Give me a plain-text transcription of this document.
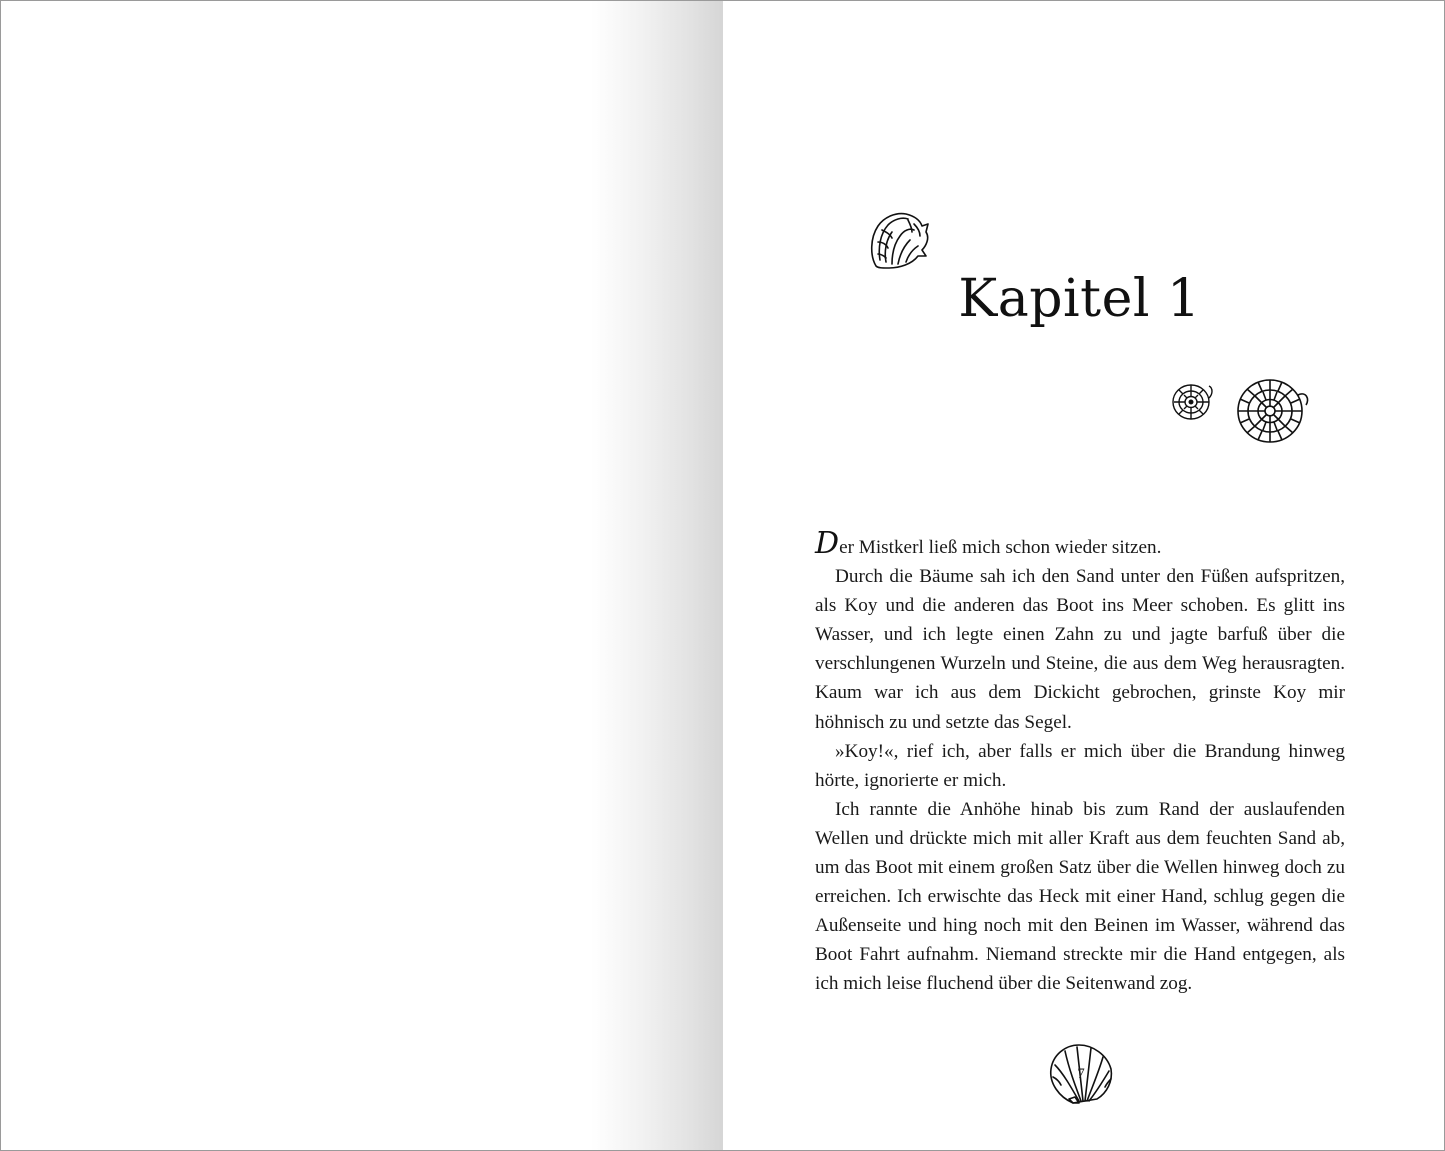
Kapitel 1

Der Mistkerl ließ mich schon wieder sitzen.

Durch die Bäume sah ich den Sand unter den Füßen aufspritzen, als Koy und die anderen das Boot ins Meer schoben. Es glitt ins Wasser, und ich legte einen Zahn zu und jagte barfuß über die verschlungenen Wurzeln und Steine, die aus dem Weg herausragten. Kaum war ich aus dem Dickicht gebrochen, grinste Koy mir höhnisch zu und setzte das Segel.

»Koy!«, rief ich, aber falls er mich über die Brandung hinweg hörte, ignorierte er mich.

Ich rannte die Anhöhe hinab bis zum Rand der auslaufenden Wellen und drückte mich mit aller Kraft aus dem feuchten Sand ab, um das Boot mit einem großen Satz über die Wellen hinweg doch zu erreichen. Ich erwischte das Heck mit einer Hand, schlug gegen die Außenseite und hing noch mit den Beinen im Wasser, während das Boot Fahrt aufnahm. Niemand streckte mir die Hand entgegen, als ich mich leise fluchend über die Seitenwand zog.

7
